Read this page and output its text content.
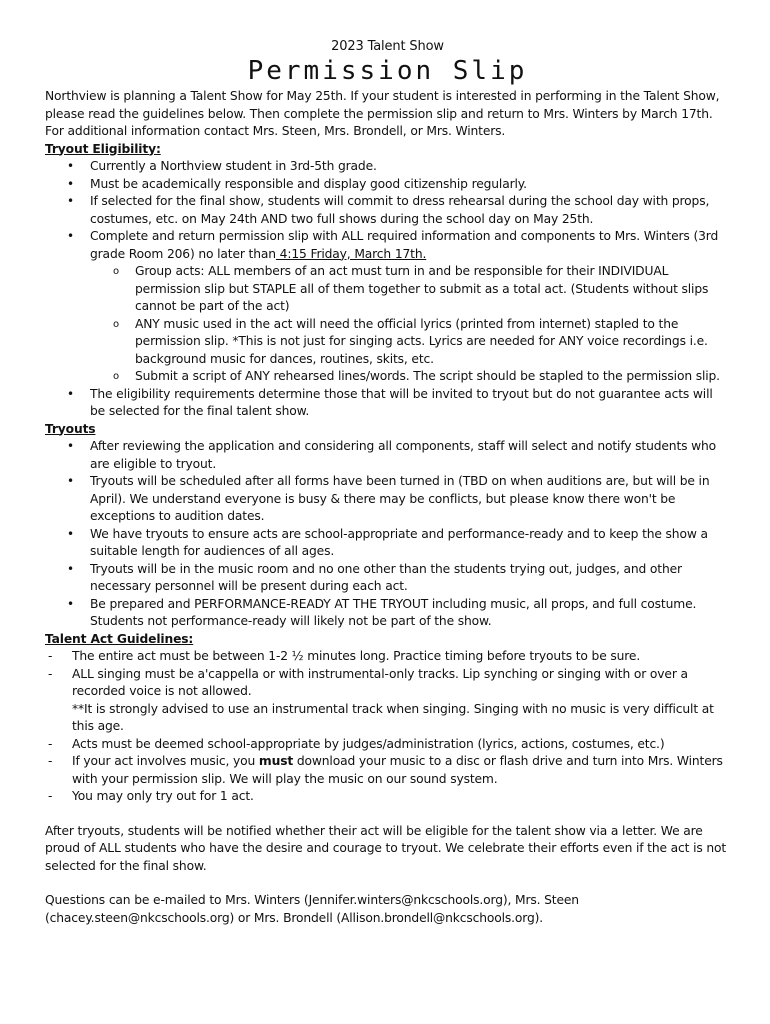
2023 Talent Show

Permission Slip

Northview is planning a Talent Show for May 25th. If your student is interested in performing in the Talent Show, please read the guidelines below. Then complete the permission slip and return to Mrs. Winters by March 17th. For additional information contact Mrs. Steen, Mrs. Brondell, or Mrs. Winters.

Tryout Eligibility:

• Currently a Northview student in 3rd-5th grade.
• Must be academically responsible and display good citizenship regularly.
• If selected for the final show, students will commit to dress rehearsal during the school day with props, costumes, etc. on May 24th AND two full shows during the school day on May 25th.
• Complete and return permission slip with ALL required information and components to Mrs. Winters (3rd grade Room 206) no later than 4:15 Friday, March 17th.
o Group acts: ALL members of an act must turn in and be responsible for their INDIVIDUAL permission slip but STAPLE all of them together to submit as a total act. (Students without slips cannot be part of the act)
o ANY music used in the act will need the official lyrics (printed from internet) stapled to the permission slip. *This is not just for singing acts. Lyrics are needed for ANY voice recordings i.e. background music for dances, routines, skits, etc.
o Submit a script of ANY rehearsed lines/words. The script should be stapled to the permission slip.
• The eligibility requirements determine those that will be invited to tryout but do not guarantee acts will be selected for the final talent show.

Tryouts

• After reviewing the application and considering all components, staff will select and notify students who are eligible to tryout.
• Tryouts will be scheduled after all forms have been turned in (TBD on when auditions are, but will be in April). We understand everyone is busy & there may be conflicts, but please know there won't be exceptions to audition dates.
• We have tryouts to ensure acts are school-appropriate and performance-ready and to keep the show a suitable length for audiences of all ages.
• Tryouts will be in the music room and no one other than the students trying out, judges, and other necessary personnel will be present during each act.
• Be prepared and PERFORMANCE-READY AT THE TRYOUT including music, all props, and full costume. Students not performance-ready will likely not be part of the show.

Talent Act Guidelines:

- The entire act must be between 1-2 ½ minutes long. Practice timing before tryouts to be sure.
- ALL singing must be a'cappella or with instrumental-only tracks. Lip synching or singing with or over a recorded voice is not allowed.
**It is strongly advised to use an instrumental track when singing. Singing with no music is very difficult at this age.
- Acts must be deemed school-appropriate by judges/administration (lyrics, actions, costumes, etc.)
- If your act involves music, you must download your music to a disc or flash drive and turn into Mrs. Winters with your permission slip. We will play the music on our sound system.
- You may only try out for 1 act.

After tryouts, students will be notified whether their act will be eligible for the talent show via a letter. We are proud of ALL students who have the desire and courage to tryout. We celebrate their efforts even if the act is not selected for the final show.

Questions can be e-mailed to Mrs. Winters (Jennifer.winters@nkcschools.org), Mrs. Steen (chacey.steen@nkcschools.org) or Mrs. Brondell (Allison.brondell@nkcschools.org).
